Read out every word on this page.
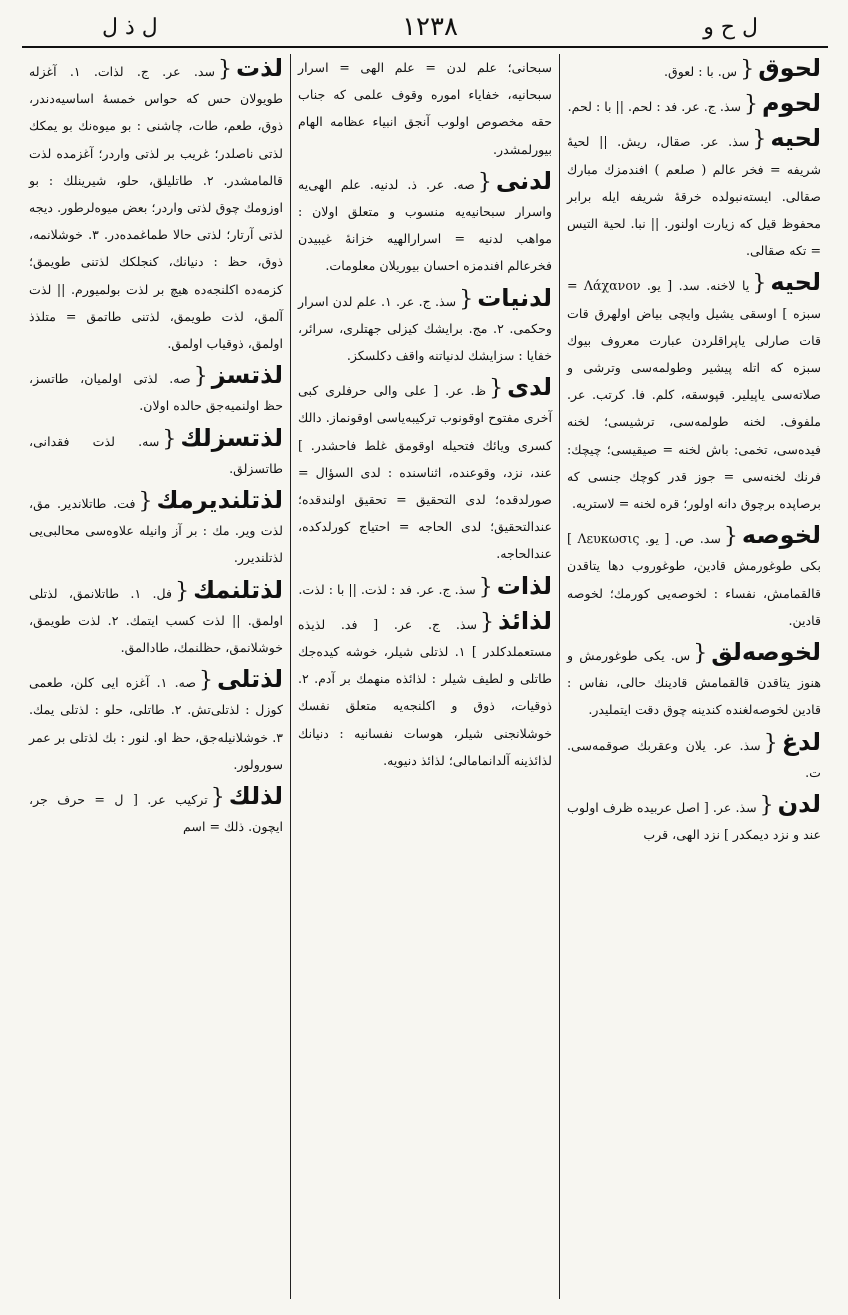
ل ذ ل	١٢٣٨	ل ح و
لحوق{س. با : لعوق.
لحوم{سذ. ج. عر. فد : لحم. || با : لحم.
لحیه{سذ. عر. صقال، ریش. || لحیهٔ شریفه = فخر عالم ( صلعم ) افندمزك مبارك صقالی. ایسته‌نبولده خرقهٔ شریفه ایله برابر محفوظ قیل که زیارت اولنور. || نبا. لحیة التیس = تکه صقالی.
لحیه{یا لاخنه. سد. [ یو. Λάχανον = سبزه ] اوسقی یشیل وایچی بیاض اولهرق قات قات صارلی یاپراقلردن عبارت معروف بیوك سبزه که اتله پیشیر وطولمه‌سی وترشی و صلاته‌سی یاپیلیر. قپوسقه، کلم. فا. کرتب. عر. ملفوف. لخنه طولمه‌سی، ترشیسی؛ لخنه فیده‌سی، تخمی: باش لخنه = صیقیسی؛ چیچك: فرنك لخنه‌سی = جوز قدر کوچك جنسی که برصاپده برچوق دانه اولور؛ قره لخنه = لاستریه.
لخوصه{سد. ص. [ یو. Λευκωσις ] بکی طوغورمش قادین، طوغوروب دها یتاقدن قالقمامش، نفساء : لخوصه‌یی کورمك؛ لخوصه قادین.
لخوصه‌لق{س. یکی طوغورمش و هنوز یتاقدن قالقمامش قادینك حالی، نفاس : قادین لخوصه‌لغنده کندینه چوق دقت ایتملیدر.
لدغ{سذ. عر. یلان وعقربك صوقمه‌سی. ت.
لدن{سذ. عر. [ اصل عربیده ظرف اولوب عند و نزد دیمکدر ] نزد الهی، قرب
سبحانی؛ علم لدن = علم الهی = اسرار سبحانیه، خفایاء اموره وقوف علمی که جناب حقه مخصوص اولوب آنجق انبیاء عظامه الهام بیورلمشدر.
لدنی{صه. عر. ذ. لدنیه. علم الهی‌یه واسرار سبحانیه‌یه منسوب و متعلق اولان : مواهب لدنیه = اسرارالهیه خزانهٔ غیبیدن فخرعالم افندمزه احسان بیوریلان معلومات.
لدنیات{سذ. ج. عر. ۱. علم لدن اسرار وحکمی. ۲. مج. برایشك کیزلی جهتلری، سرائر، خفایا : سزایشك لدنیاتنه واقف دکلسکز.
لدی{ظ. عر. [ علی والی حرفلری کبی آخری مفتوح اوقونوب ترکیبه‌یاسی اوقونماز. دالك کسری ویائك فتحیله اوقومق غلط فاحشدر. ] عند، نزد، وقوعنده، اثناسنده : لدی السؤال = صورلدقده؛ لدی التحقیق = تحقیق اولندقده؛ عندالتحقیق؛ لدی الحاجه = احتیاج کورلدکده، عندالحاجه.
لذات{سذ. ج. عر. فد : لذت. || با : لذت.
لذائذ{سذ. ج. عر. [ فد. لذیذه مستعملدکلدر ] ۱. لذتلی شیلر، خوشه کیده‌جك طاتلی و لطیف شیلر : لذائذه منهمك بر آدم. ۲. ذوقیات، ذوق و اکلنجه‌یه متعلق نفسك خوشلانجنی شیلر، هوسات نفسانیه : دنیانك لذائذینه آلدانمامالی؛ لذائذ دنیویه.
لذت{سد. عر. ج. لذات. ۱. آغزله طویولان حس که حواس خمسهٔ اساسیه‌دندر، ذوق، طعم، طات، چاشنی : بو میوه‌نك بو یمکك لذتی ناصلدر؛ غریب بر لذتی واردر؛ آغزمده لذت قالمامشدر. ۲. طاتلیلق، حلو، شیرینلك : بو اوزومك چوق لذتی واردر؛ بعض میوه‌لرطور. دیجه لذتی آرتار؛ لذتی حالا طماغمده‌در. ۳. خوشلانمه، ذوق، حظ : دنیانك، کنجلکك لذتنی طویمق؛ کزمه‌ده اکلنجه‌ده هیچ بر لذت بولمیورم. || لذت آلمق، لذت طویمق، لذتنی طاتمق = متلذذ اولمق، ذوقیاب اولمق.
لذتسز{صه. لذتی اولمیان، طاتسز، حظ اولنمیه‌جق حالده اولان.
لذتسزلك{سه. لذت فقدانی، طاتسزلق.
لذتلندیرمك{فت. طاتلاندیر. مق، لذت ویر. مك : بر آز وانیله علاوه‌سی محالبی‌یی لذتلندیرر.
لذتلنمك{فل. ۱. طاتلانمق، لذتلی اولمق. || لذت کسب ایتمك. ۲. لذت طویمق، خوشلانمق، حظلنمك، طادالمق.
لذتلی{صه. ۱. آغزه ایی کلن، طعمی کوزل : لذتلی‌تش. ۲. طاتلی، حلو : لذتلی یمك. ۳. خوشلانیله‌جق، حظ او. لنور : بك لذتلی بر عمر سورولور.
لذلك{ترکیب عر. [ ل = حرف جر، ایچون. ذلك = اسم
